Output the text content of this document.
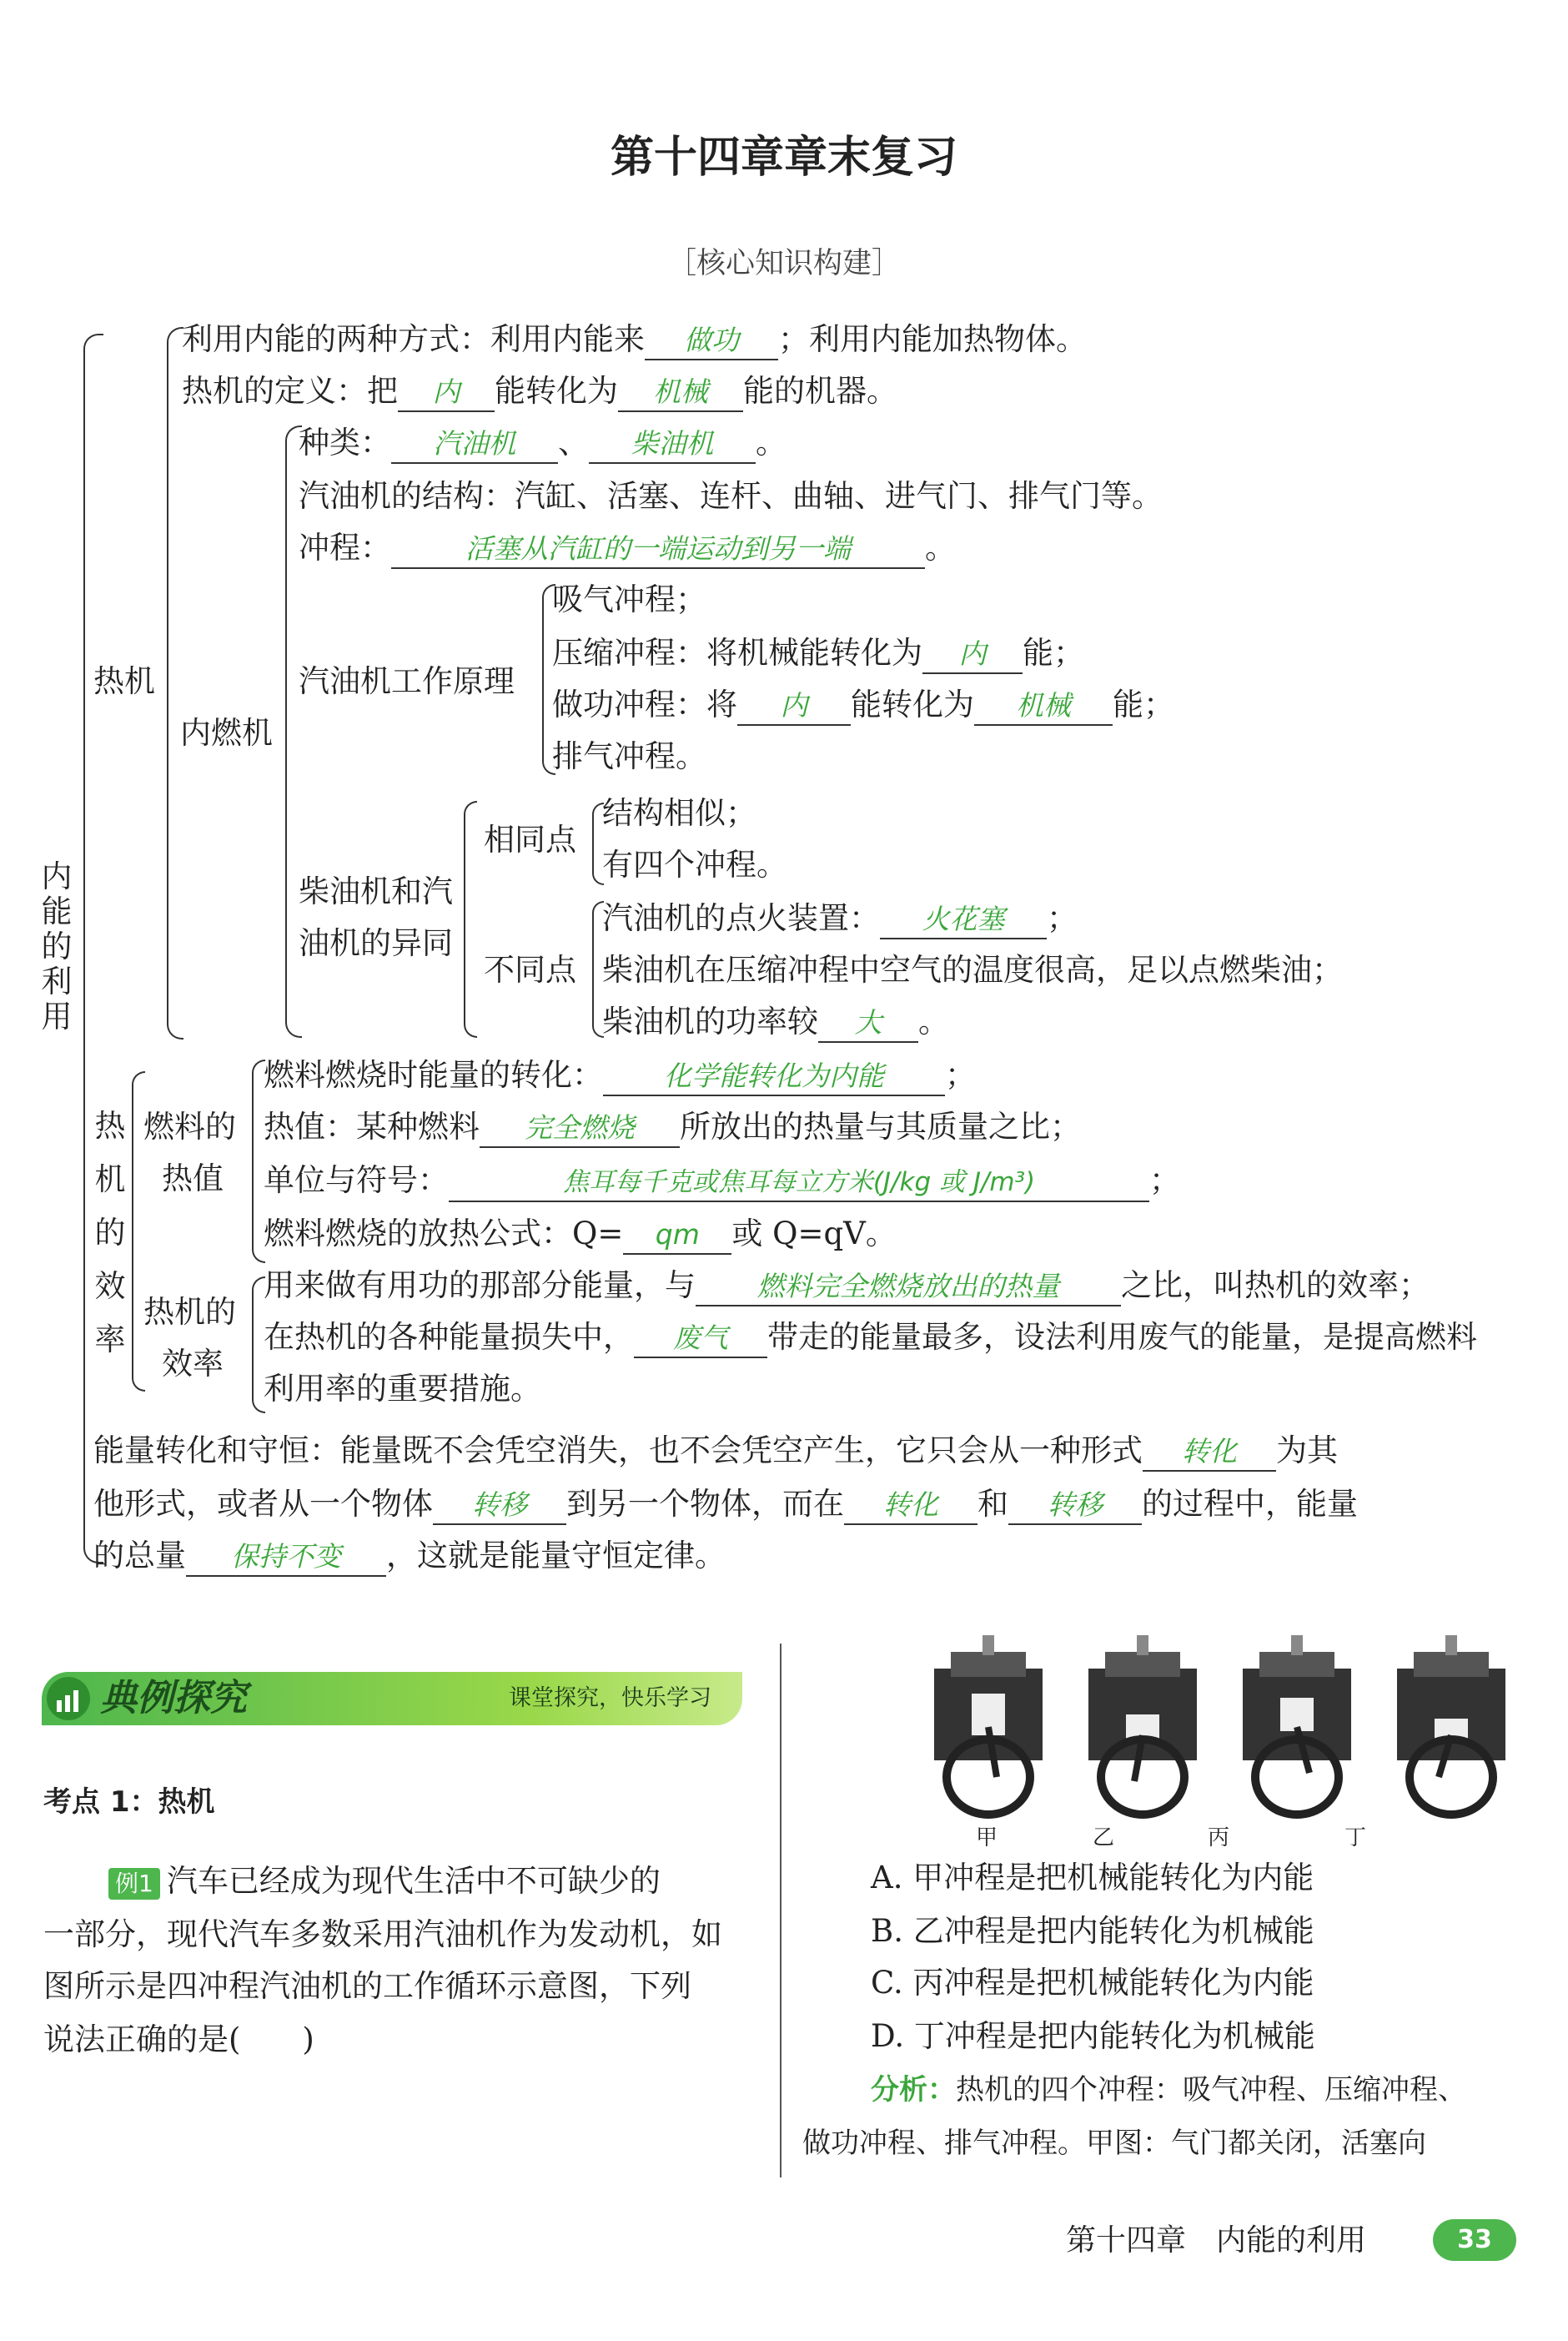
第十四章章末复习
［核心知识构建］
内能的利用
热机
内燃机
热机的效率
利用内能的两种方式：利用内能来 做功 ；利用内能加热物体。
热机的定义：把 内 能转化为 机械 能的机器。
种类： 汽油机 、 柴油机 。
汽油机的结构：汽缸、活塞、连杆、曲轴、进气门、排气门等。
冲程：	活塞从汽缸的一端运动到另一端 。
汽油机工作原理
吸气冲程；
压缩冲程：将机械能转化为 内 能；
做功冲程：将 内 能转化为 机械 能；
排气冲程。
柴油机和汽
油机的异同
相同点
结构相似；
有四个冲程。
不同点
汽油机的点火装置： 火花塞 ；
柴油机在压缩冲程中空气的温度很高，足以点燃柴油；
柴油机的功率较 大 。
燃料的
热值
燃料燃烧时能量的转化： 化学能转化为内能 ；
热值：某种燃料 完全燃烧 所放出的热量与其质量之比；
单位与符号：	焦耳每千克或焦耳每立方米(J/kg 或 J/m³)	；
燃料燃烧的放热公式：Q= qm 或 Q=qV。
热机的
效率
用来做有用功的那部分能量，与 燃料完全燃烧放出的热量 之比，叫热机的效率；
在热机的各种能量损失中， 废气 带走的能量最多，设法利用废气的能量，是提高燃料
利用率的重要措施。
能量转化和守恒：能量既不会凭空消失，也不会凭空产生，它只会从一种形式 转化 为其
他形式，或者从一个物体 转移 到另一个物体，而在 转化 和 转移 的过程中，能量
的总量 保持不变 ，这就是能量守恒定律。
典例探究	课堂探究，快乐学习
考点 1：热机
例1 汽车已经成为现代生活中不可缺少的
一部分，现代汽车多数采用汽油机作为发动机，如
图所示是四冲程汽油机的工作循环示意图，下列
说法正确的是(　　)
甲	乙	丙	丁
A. 甲冲程是把机械能转化为内能
B. 乙冲程是把内能转化为机械能
C. 丙冲程是把机械能转化为内能
D. 丁冲程是把内能转化为机械能
分析：热机的四个冲程：吸气冲程、压缩冲程、
做功冲程、排气冲程。甲图：气门都关闭，活塞向
第十四章　内能的利用	33
